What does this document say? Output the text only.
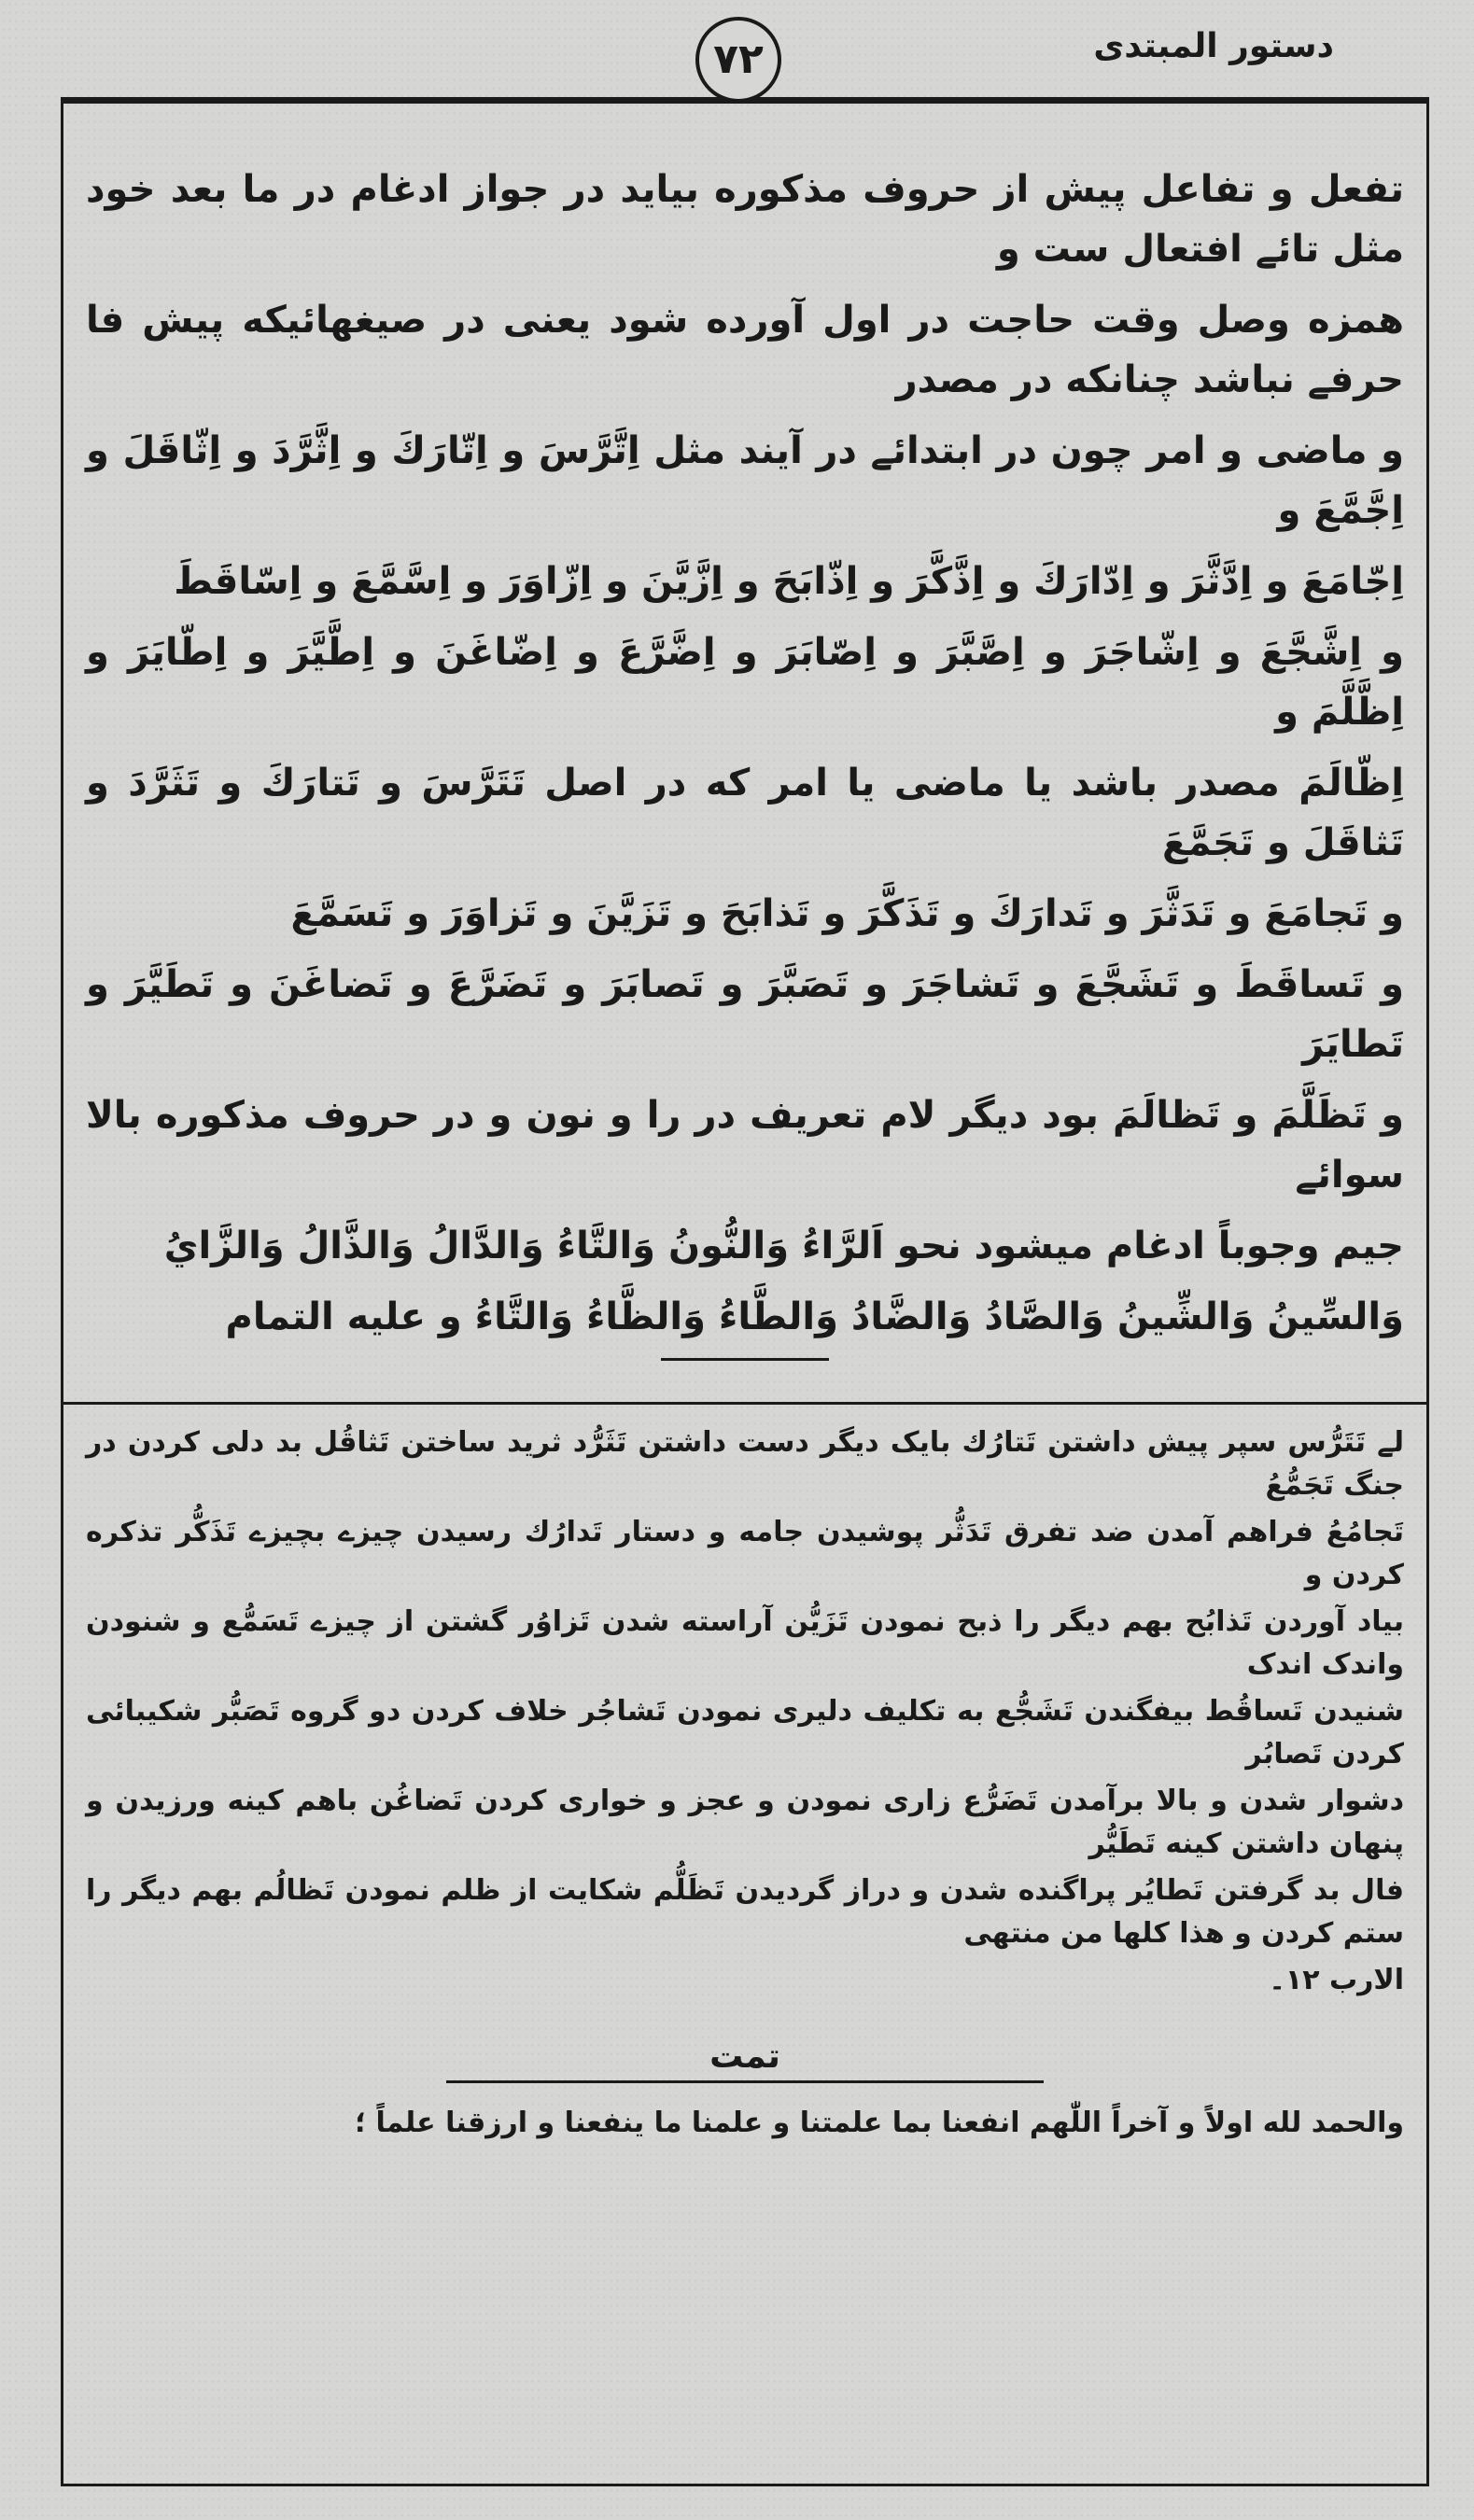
دستور المبتدی
۷۲
تفعل و تفاعل پیش از حروف مذکوره بیاید در جواز ادغام در ما بعد خود مثل تائے افتعال ست و
همزه وصل وقت حاجت در اول آورده شود یعنی در صیغهائیکه پیش فا حرفے نباشد چنانکه در مصدر
و ماضی و امر چون در ابتدائے در آیند مثل اِتَّرَّسَ و اِتّارَكَ و اِثَّرَّدَ و اِثّاقَلَ و اِجَّمَّعَ و
اِجّامَعَ و اِدَّثَّرَ و اِدّارَكَ و اِذَّكَّرَ و اِذّابَحَ و اِزَّيَّنَ و اِزّاوَرَ و اِسَّمَّعَ و اِسّاقَطَ
و اِشَّجَّعَ و اِشّاجَرَ و اِصَّبَّرَ و اِصّابَرَ و اِضَّرَّعَ و اِضّاغَنَ و اِطَّيَّرَ و اِطّايَرَ و اِظَّلَّمَ و
اِظّالَمَ مصدر باشد یا ماضی یا امر که در اصل تَتَرَّسَ و تَتارَكَ و تَثَرَّدَ و تَثاقَلَ و تَجَمَّعَ
و تَجامَعَ و تَدَثَّرَ و تَدارَكَ و تَذَكَّرَ و تَذابَحَ و تَزَيَّنَ و تَزاوَرَ و تَسَمَّعَ
و تَساقَطَ و تَشَجَّعَ و تَشاجَرَ و تَصَبَّرَ و تَصابَرَ و تَضَرَّعَ و تَضاغَنَ و تَطَيَّرَ و تَطايَرَ
و تَظَلَّمَ و تَظالَمَ بود دیگر لام تعریف در را و نون و در حروف مذکوره بالا سوائے
جیم وجوباً ادغام میشود نحو اَلرَّاءُ وَالنُّونُ وَالتَّاءُ وَالدَّالُ وَالذَّالُ وَالزَّايُ
وَالسِّينُ وَالشِّينُ وَالصَّادُ وَالضَّادُ وَالطَّاءُ وَالظَّاءُ وَالتَّاءُ و علیه التمام
لے تَتَرُّس سپر پیش داشتن تَتارُك بایک دیگر دست داشتن تَثَرُّد ثرید ساختن تَثاقُل بد دلی کردن در جنگ تَجَمُّعُ
تَجامُعُ فراهم آمدن ضد تفرق تَدَثُّر پوشیدن جامه و دستار تَدارُك رسیدن چیزے بچیزے تَذَكُّر تذکره کردن و
بیاد آوردن تَذابُح بهم دیگر را ذبح نمودن تَزَيُّن آراسته شدن تَزاوُر گشتن از چیزے تَسَمُّع و شنودن واندک اندک
شنیدن تَساقُط بیفگندن تَشَجُّع به تکلیف دلیری نمودن تَشاجُر خلاف کردن دو گروه تَصَبُّر شکیبائی کردن تَصابُر
دشوار شدن و بالا برآمدن تَضَرُّع زاری نمودن و عجز و خواری کردن تَضاغُن باهم کینه ورزیدن و پنهان داشتن کینه تَطَيُّر
فال بد گرفتن تَطايُر پراگنده شدن و دراز گردیدن تَظَلُّم شکایت از ظلم نمودن تَظالُم بهم دیگر را ستم کردن و هذا کلها من منتهی
الارب ۱۲۔
تمت
والحمد لله اولاً و آخراً اللّٰهم انفعنا بما علمتنا و علمنا ما ینفعنا و ارزقنا علماً ؛
